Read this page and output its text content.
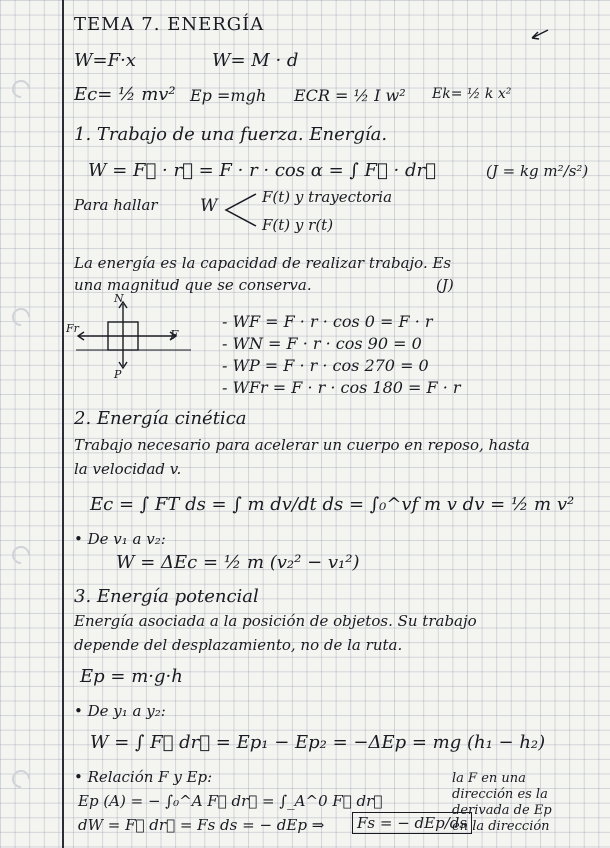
TEMA 7. ENERGÍA
W=F·x	W= M · d
Ec= ½ mv² Ep =mgh ECR = ½ I w² Ek= ½ k x²
1. Trabajo de una fuerza. Energía.
W = F⃗ · r⃗ = F · r · cos α = ∫ F⃗ · dr⃗	(J = kg m²/s²)
Para hallar W	F(t) y trayectoria
F(t) y r(t)
La energía es la capacidad de realizar trabajo. Es
una magnitud que se conserva.	(J)
N
Fr	F
P
- WF = F · r · cos 0 = F · r
- WN = F · r · cos 90 = 0
- WP = F · r · cos 270 = 0
- WFr = F · r · cos 180 = F · r
2. Energía cinética
Trabajo necesario para acelerar un cuerpo en reposo, hasta
la velocidad v.
Ec = ∫ FT ds = ∫ m dv/dt ds = ∫₀^vf m v dv = ½ m v²
• De v₁ a v₂:
W = ΔEc = ½ m (v₂² − v₁²)
3. Energía potencial
Energía asociada a la posición de objetos. Su trabajo
depende del desplazamiento, no de la ruta.
Ep = m·g·h
• De y₁ a y₂:
W = ∫ F⃗ dr⃗ = Ep₁ − Ep₂ = −ΔEp = mg (h₁ − h₂)
• Relación F y Ep:
Ep (A) = − ∫₀^A F⃗ dr⃗ = ∫_A^0 F⃗ dr⃗
dW = F⃗ dr⃗ = Fs ds = − dEp ⇒	Fs = − dEp/ds
la F en una
dirección es la
derivada de Ep
en la dirección
